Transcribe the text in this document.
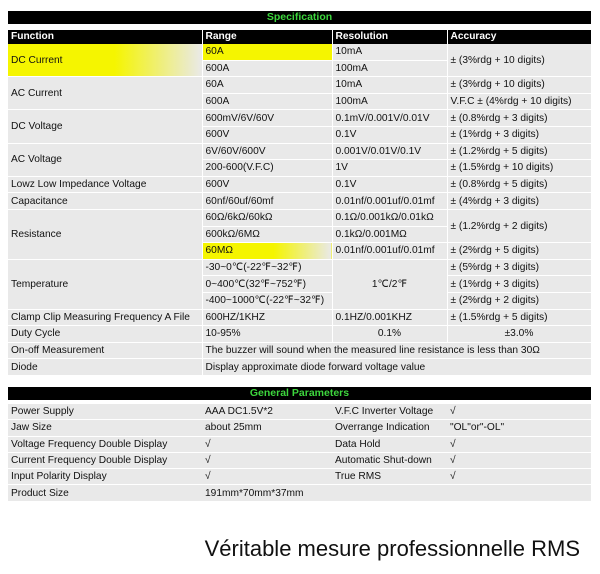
Specification
Function	Range	Resolution	Accuracy
DC Current	60A	10mA	± (3%rdg + 10 digits)
	600A	100mA	
AC Current	60A	10mA	± (3%rdg + 10 digits)
	600A	100mA	V.F.C ± (4%rdg + 10 digits)
DC Voltage	600mV/6V/60V	0.1mV/0.001V/0.01V	± (0.8%rdg + 3 digits)
	600V	0.1V	± (1%rdg + 3 digits)
AC Voltage	6V/60V/600V	0.001V/0.01V/0.1V	± (1.2%rdg + 5 digits)
	200-600(V.F.C)	1V	± (1.5%rdg + 10 digits)
Lowz Low Impedance Voltage	600V	0.1V	± (0.8%rdg + 5 digits)
Capacitance	60nf/60uf/60mf	0.01nf/0.001uf/0.01mf	± (4%rdg + 3 digits)
Resistance	60Ω/6kΩ/60kΩ	0.1Ω/0.001kΩ/0.01kΩ	± (1.2%rdg + 2 digits)
	600kΩ/6MΩ	0.1kΩ/0.001MΩ	
	60MΩ	0.01nf/0.001uf/0.01mf	± (2%rdg + 5 digits)
Temperature	-30~0℃(-22℉~32℉)	1℃/2℉	± (5%rdg + 3 digits)
	0~400℃(32℉~752℉)		± (1%rdg + 3 digits)
	-400~1000℃(-22℉~32℉)		± (2%rdg + 2 digits)
Clamp Clip Measuring Frequency A File	600HZ/1KHZ	0.1HZ/0.001KHZ	± (1.5%rdg + 5 digits)
Duty Cycle	10-95%	0.1%	±3.0%
On-off Measurement	The buzzer will sound when the measured line resistance is less than 30Ω		
Diode	Display approximate diode forward voltage value		
General Parameters
Power Supply	AAA DC1.5V*2	V.F.C Inverter Voltage	√
Jaw Size	about 25mm	Overrange Indication	"OL"or"-OL"
Voltage Frequency Double Display	√	Data Hold	√
Current Frequency Double Display	√	Automatic Shut-down	√
Input Polarity Display	√	True RMS	√
Product Size	191mm*70mm*37mm		
Véritable mesure professionnelle RMS
